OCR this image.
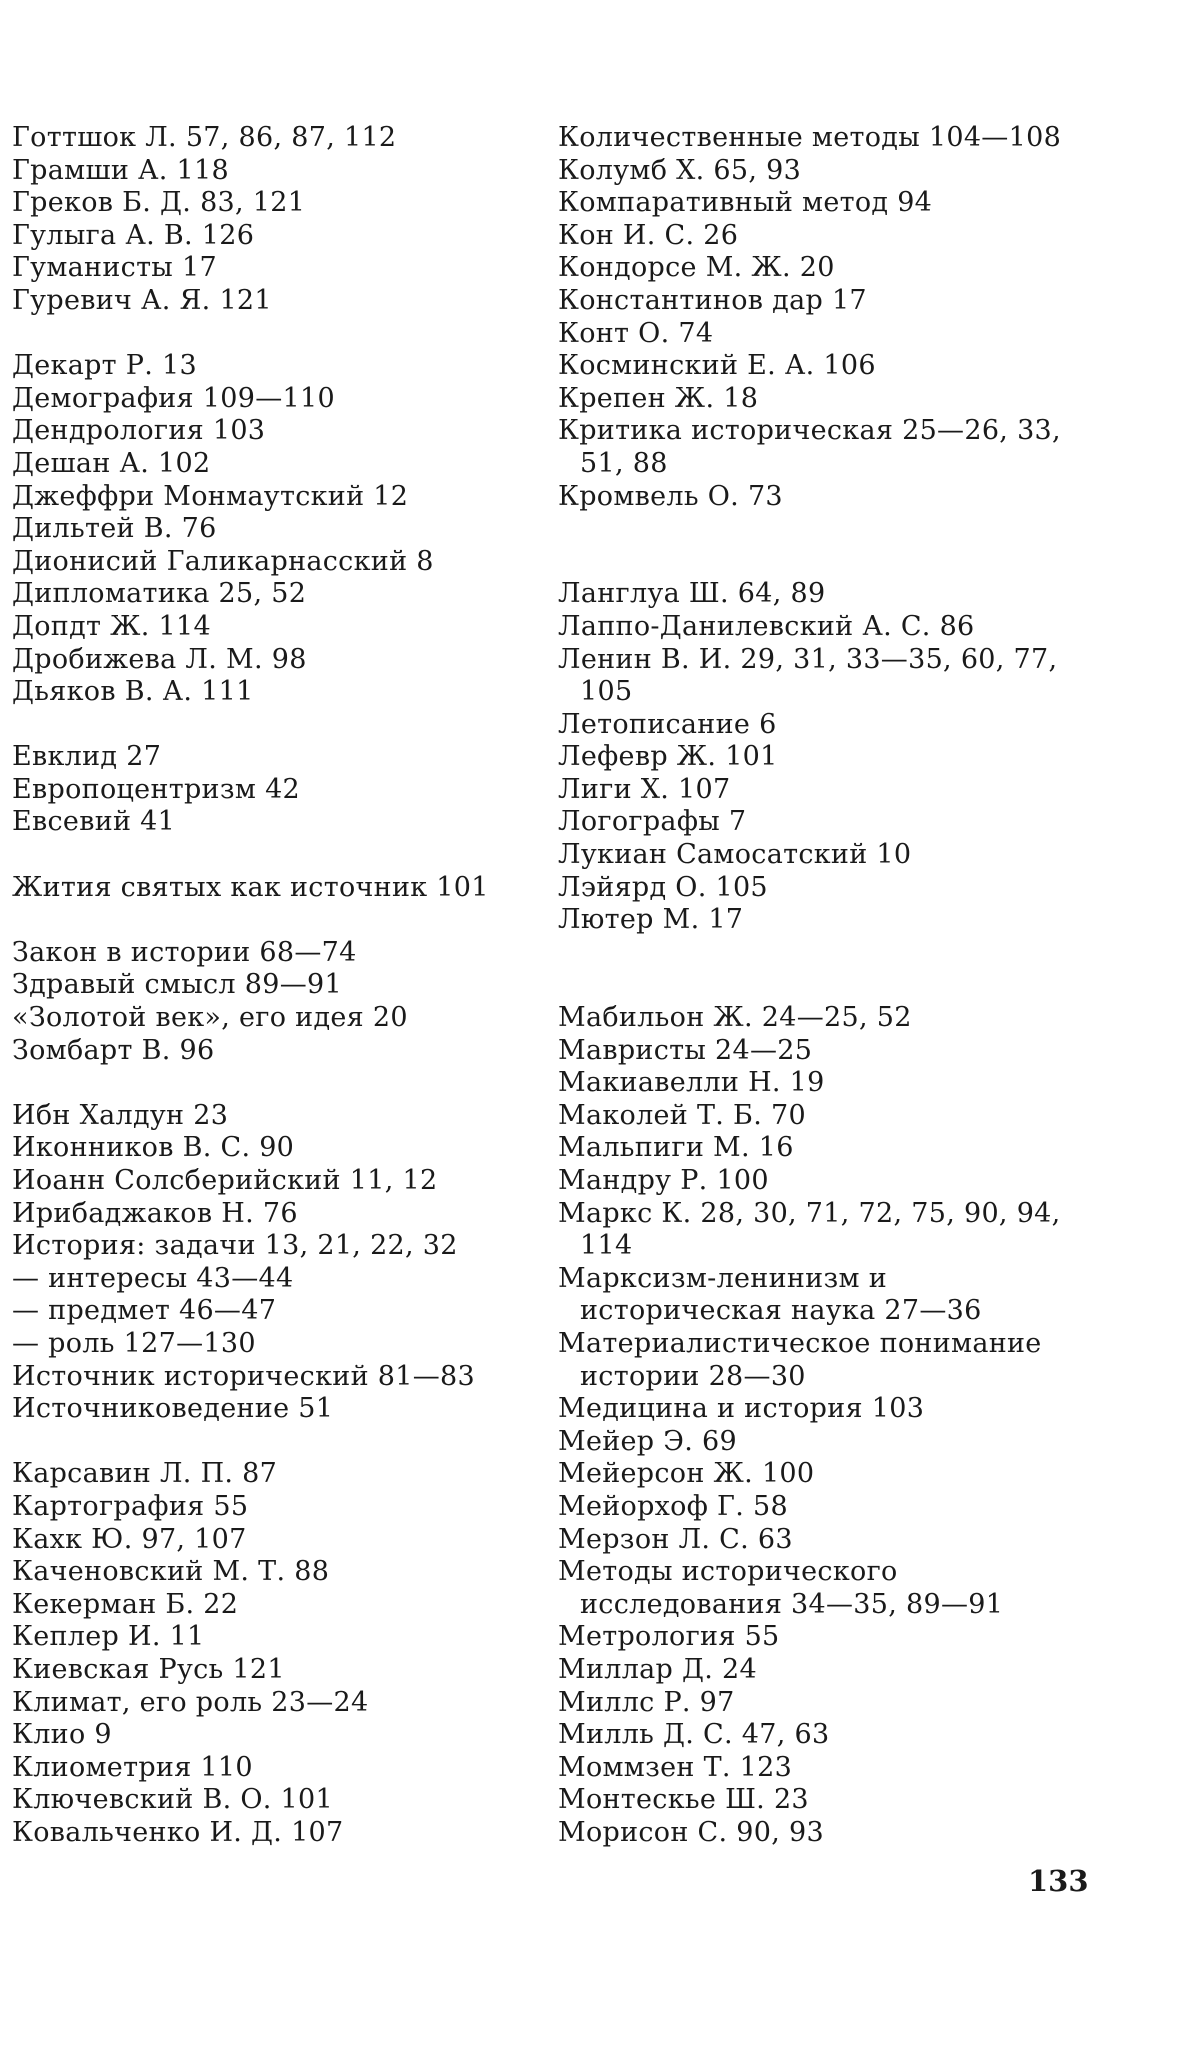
Готтшок Л. 57, 86, 87, 112
Грамши А. 118
Греков Б. Д. 83, 121
Гулыга А. В. 126
Гуманисты 17
Гуревич А. Я. 121
Декарт Р. 13
Демография 109—110
Дендрология 103
Дешан А. 102
Джеффри Монмаутский 12
Дильтей В. 76
Дионисий Галикарнасский 8
Дипломатика 25, 52
Допдт Ж. 114
Дробижева Л. М. 98
Дьяков В. А. 111
Евклид 27
Европоцентризм 42
Евсевий 41
Жития святых как источник 101
Закон в истории 68—74
Здравый смысл 89—91
«Золотой век», его идея 20
Зомбарт В. 96
Ибн Халдун 23
Иконников В. С. 90
Иоанн Солсберийский 11, 12
Ирибаджаков Н. 76
История: задачи 13, 21, 22, 32
— интересы 43—44
— предмет 46—47
— роль 127—130
Источник исторический 81—83
Источниковедение 51
Карсавин Л. П. 87
Картография 55
Кахк Ю. 97, 107
Каченовский М. Т. 88
Кекерман Б. 22
Кеплер И. 11
Киевская Русь 121
Климат, его роль 23—24
Клио 9
Клиометрия 110
Ключевский В. О. 101
Ковальченко И. Д. 107
Количественные методы 104—108
Колумб Х. 65, 93
Компаративный метод 94
Кон И. С. 26
Кондорсе М. Ж. 20
Константинов дар 17
Конт О. 74
Косминский Е. А. 106
Крепен Ж. 18
Критика историческая 25—26, 33, 51, 88
Кромвель О. 73
Ланглуа Ш. 64, 89
Лаппо-Данилевский А. С. 86
Ленин В. И. 29, 31, 33—35, 60, 77, 105
Летописание 6
Лефевр Ж. 101
Лиги Х. 107
Логографы 7
Лукиан Самосатский 10
Лэйярд О. 105
Лютер М. 17
Мабильон Ж. 24—25, 52
Мавристы 24—25
Макиавелли Н. 19
Маколей Т. Б. 70
Мальпиги М. 16
Мандру Р. 100
Маркс К. 28, 30, 71, 72, 75, 90, 94, 114
Марксизм-ленинизм и историческая наука 27—36
Материалистическое понимание истории 28—30
Медицина и история 103
Мейер Э. 69
Мейерсон Ж. 100
Мейорхоф Г. 58
Мерзон Л. С. 63
Методы исторического исследования 34—35, 89—91
Метрология 55
Миллар Д. 24
Миллс Р. 97
Милль Д. С. 47, 63
Моммзен Т. 123
Монтескье Ш. 23
Морисон С. 90, 93
133
